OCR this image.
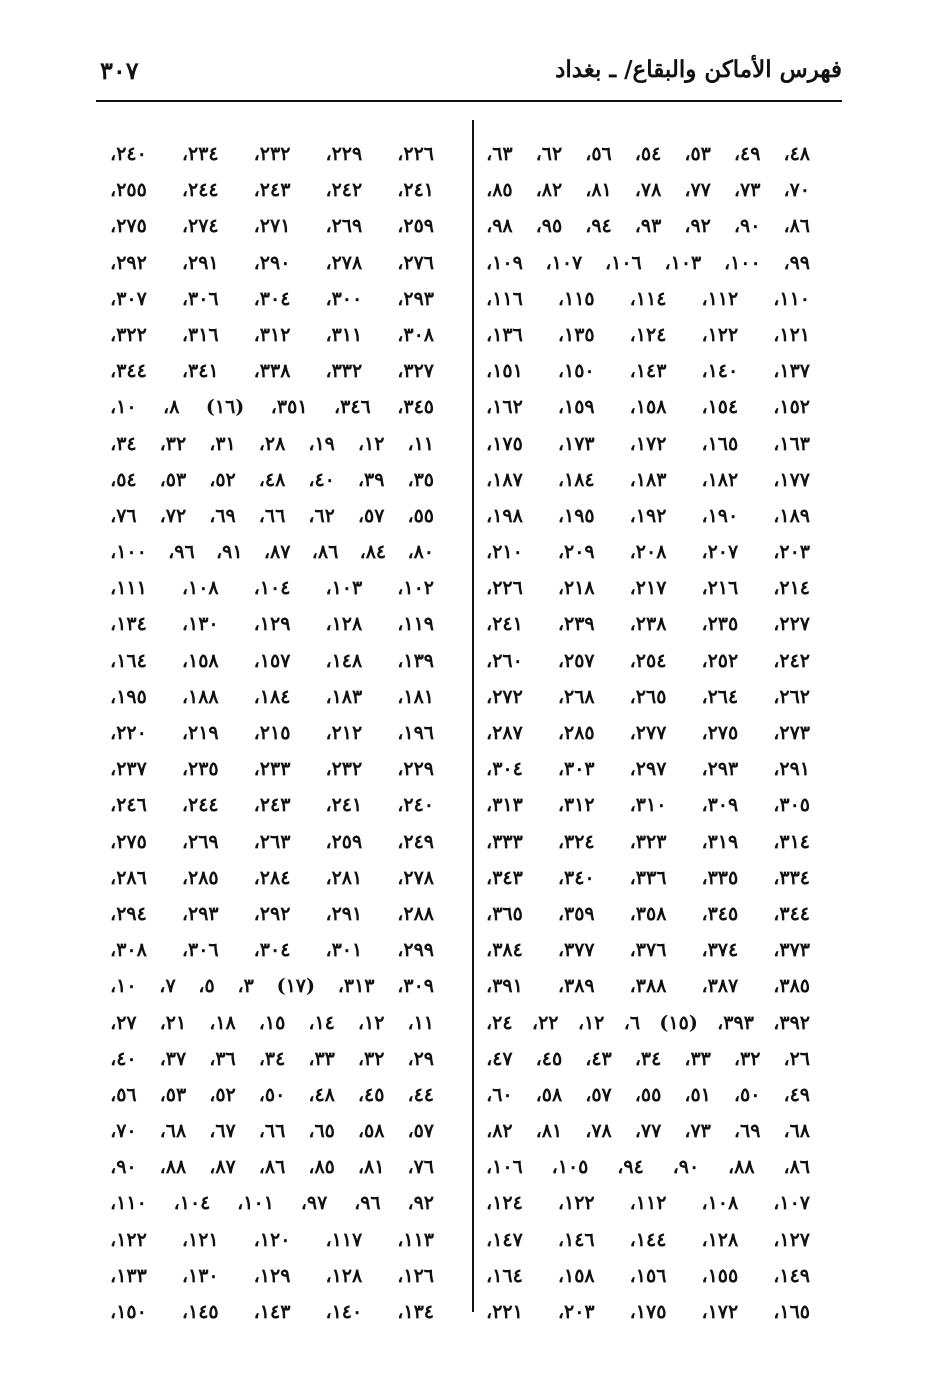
فهرس الأماكن والبقاع/ ـ بغداد
٣٠٧
٤٨،
٤٩،
٥٣،
٥٤،
٥٦،
٦٢،
٦٣،
٧٠،
٧٣،
٧٧،
٧٨،
٨١،
٨٢،
٨٥،
٨٦،
٩٠،
٩٢،
٩٣،
٩٤،
٩٥،
٩٨،
٩٩،
١٠٠،
١٠٣،
١٠٦،
١٠٧،
١٠٩،
١١٠،
١١٢،
١١٤،
١١٥،
١١٦،
١٢١،
١٢٢،
١٢٤،
١٣٥،
١٣٦،
١٣٧،
١٤٠،
١٤٣،
١٥٠،
١٥١،
١٥٢،
١٥٤،
١٥٨،
١٥٩،
١٦٢،
١٦٣،
١٦٥،
١٧٢،
١٧٣،
١٧٥،
١٧٧،
١٨٢،
١٨٣،
١٨٤،
١٨٧،
١٨٩،
١٩٠،
١٩٢،
١٩٥،
١٩٨،
٢٠٣،
٢٠٧،
٢٠٨،
٢٠٩،
٢١٠،
٢١٤،
٢١٦،
٢١٧،
٢١٨،
٢٢٦،
٢٢٧،
٢٣٥،
٢٣٨،
٢٣٩،
٢٤١،
٢٤٢،
٢٥٢،
٢٥٤،
٢٥٧،
٢٦٠،
٢٦٢،
٢٦٤،
٢٦٥،
٢٦٨،
٢٧٢،
٢٧٣،
٢٧٥،
٢٧٧،
٢٨٥،
٢٨٧،
٢٩١،
٢٩٣،
٢٩٧،
٣٠٣،
٣٠٤،
٣٠٥،
٣٠٩،
٣١٠،
٣١٢،
٣١٣،
٣١٤،
٣١٩،
٣٢٣،
٣٢٤،
٣٣٣،
٣٣٤،
٣٣٥،
٣٣٦،
٣٤٠،
٣٤٣،
٣٤٤،
٣٤٥،
٣٥٨،
٣٥٩،
٣٦٥،
٣٧٣،
٣٧٤،
٣٧٦،
٣٧٧،
٣٨٤،
٣٨٥،
٣٨٧،
٣٨٨،
٣٨٩،
٣٩١،
٣٩٢،
٣٩٣،
(١٥)
٦،
١٢،
٢٢،
٢٤،
٢٦،
٣٢،
٣٣،
٣٤،
٤٣،
٤٥،
٤٧،
٤٩،
٥٠،
٥١،
٥٥،
٥٧،
٥٨،
٦٠،
٦٨،
٦٩،
٧٣،
٧٧،
٧٨،
٨١،
٨٢،
٨٦،
٨٨،
٩٠،
٩٤،
١٠٥،
١٠٦،
١٠٧،
١٠٨،
١١٢،
١٢٢،
١٢٤،
١٢٧،
١٢٨،
١٤٤،
١٤٦،
١٤٧،
١٤٩،
١٥٥،
١٥٦،
١٥٨،
١٦٤،
١٦٥،
١٧٢،
١٧٥،
٢٠٣،
٢٢١،
٢٢٦،
٢٢٩،
٢٣٢،
٢٣٤،
٢٤٠،
٢٤١،
٢٤٢،
٢٤٣،
٢٤٤،
٢٥٥،
٢٥٩،
٢٦٩،
٢٧١،
٢٧٤،
٢٧٥،
٢٧٦،
٢٧٨،
٢٩٠،
٢٩١،
٢٩٢،
٢٩٣،
٣٠٠،
٣٠٤،
٣٠٦،
٣٠٧،
٣٠٨،
٣١١،
٣١٢،
٣١٦،
٣٢٢،
٣٢٧،
٣٣٢،
٣٣٨،
٣٤١،
٣٤٤،
٣٤٥،
٣٤٦،
٣٥١،
(١٦)
٨،
١٠،
١١،
١٢،
١٩،
٢٨،
٣١،
٣٢،
٣٤،
٣٥،
٣٩،
٤٠،
٤٨،
٥٢،
٥٣،
٥٤،
٥٥،
٥٧،
٦٢،
٦٦،
٦٩،
٧٢،
٧٦،
٨٠،
٨٤،
٨٦،
٨٧،
٩١،
٩٦،
١٠٠،
١٠٢،
١٠٣،
١٠٤،
١٠٨،
١١١،
١١٩،
١٢٨،
١٢٩،
١٣٠،
١٣٤،
١٣٩،
١٤٨،
١٥٧،
١٥٨،
١٦٤،
١٨١،
١٨٣،
١٨٤،
١٨٨،
١٩٥،
١٩٦،
٢١٢،
٢١٥،
٢١٩،
٢٢٠،
٢٢٩،
٢٣٢،
٢٣٣،
٢٣٥،
٢٣٧،
٢٤٠،
٢٤١،
٢٤٣،
٢٤٤،
٢٤٦،
٢٤٩،
٢٥٩،
٢٦٣،
٢٦٩،
٢٧٥،
٢٧٨،
٢٨١،
٢٨٤،
٢٨٥،
٢٨٦،
٢٨٨،
٢٩١،
٢٩٢،
٢٩٣،
٢٩٤،
٢٩٩،
٣٠١،
٣٠٤،
٣٠٦،
٣٠٨،
٣٠٩،
٣١٣،
(١٧)
٣،
٥،
٧،
١٠،
١١،
١٢،
١٤،
١٥،
١٨،
٢١،
٢٧،
٢٩،
٣٢،
٣٣،
٣٤،
٣٦،
٣٧،
٤٠،
٤٤،
٤٥،
٤٨،
٥٠،
٥٢،
٥٣،
٥٦،
٥٧،
٥٨،
٦٥،
٦٦،
٦٧،
٦٨،
٧٠،
٧٦،
٨١،
٨٥،
٨٦،
٨٧،
٨٨،
٩٠،
٩٢،
٩٦،
٩٧،
١٠١،
١٠٤،
١١٠،
١١٣،
١١٧،
١٢٠،
١٢١،
١٢٢،
١٢٦،
١٢٨،
١٢٩،
١٣٠،
١٣٣،
١٣٤،
١٤٠،
١٤٣،
١٤٥،
١٥٠،
